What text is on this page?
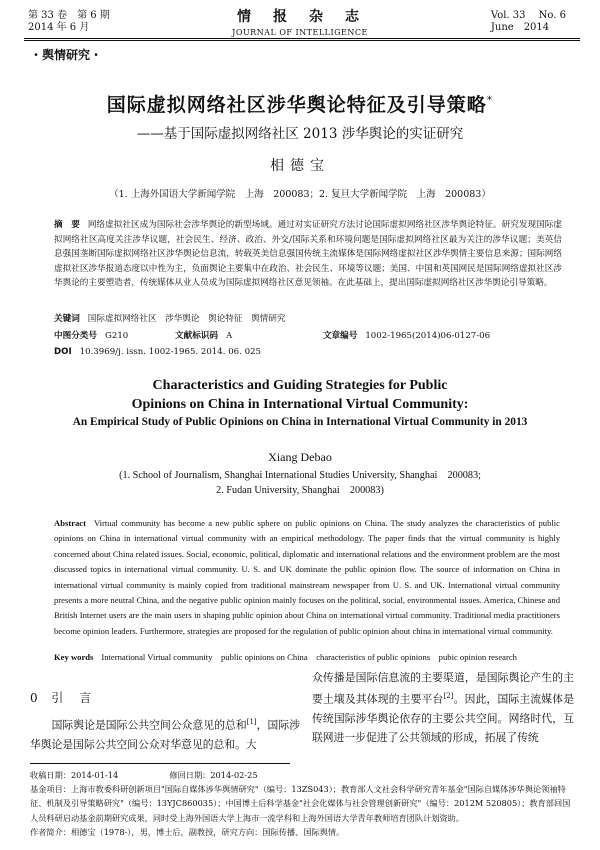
第 33 卷　第 6 期
2014 年 6 月
情　报　杂　志
JOURNAL OF INTELLIGENCE
Vol. 33　 No. 6
June　2014
・舆情研究・
国际虚拟网络社区涉华舆论特征及引导策略*
——基于国际虚拟网络社区 2013 涉华舆论的实证研究
相德宝
（1. 上海外国语大学新闻学院　上海　200083；2. 复旦大学新闻学院　上海　200083）
摘　要 网络虚拟社区成为国际社会涉华舆论的新型场域。通过对实证研究方法讨论国际虚拟网络社区涉华舆论特征。研究发现国际虚拟网络社区高度关注涉华议题，社会民生、经济、政治、外交/国际关系和环境问题是国际虚拟网络社区最为关注的涉华议题；美英信息强国垄断国际虚拟网络社区涉华舆论信息流，转载英美信息强国传统主流媒体是国际网络虚拟社区涉华舆情主要信息来源；国际网络虚拟社区涉华报道态度以中性为主，负面舆论主要集中在政治、社会民生、环境等议题；美国、中国和英国网民是国际网络虚拟社区涉华舆论的主要塑造者，传统媒体从业人员成为国际虚拟网络社区意见领袖。在此基础上，提出国际虚拟网络社区涉华舆论引导策略。
关键词 国际虚拟网络社区　涉华舆论　舆论特征　舆情研究
中图分类号 G210	文献标识码 A	文章编号 1002-1965(2014)06-0127-06
DOI 10.3969/j. issn. 1002-1965. 2014. 06. 025
Characteristics and Guiding Strategies for Public Opinions on China in International Virtual Community:
An Empirical Study of Public Opinions on China in International Virtual Community in 2013
Xiang Debao
(1. School of Journalism, Shanghai International Studies University, Shanghai　200083;
2. Fudan University, Shanghai　200083)
Abstract Virtual community has become a new public sphere on public opinions on China. The study analyzes the characteristics of public opinions on China in international virtual community with an empirical methodology. The paper finds that the virtual community is highly concerned about China related issues. Social, economic, political, diplomatic and international relations and the environment problem are the most discussed topics in international virtual community. U. S. and UK dominate the public opinion flow. The source of information on China in international virtual community is mainly copied from traditional mainstream newspaper from U. S. and UK. International virtual community presents a more neutral China, and the negative public opinion mainly focuses on the political, social, environmental issues. America, Chinese and British Internet users are the main users in shaping public opinion about China on international virtual community. Traditional media practitioners become opinion leaders. Furthermore, strategies are proposed for the regulation of public opinion about china in international virtual community.
Key words International Virtual community　public opinions on China　characteristics of public opinions　pubic opinion research
0 引　言
国际舆论是国际公共空间公众意见的总和[1]，国际涉华舆论是国际公共空间公众对华意见的总和。大
众传播是国际信息流的主要渠道，是国际舆论产生的主要土壤及其体现的主要平台[2]。因此，国际主流媒体是传统国际涉华舆论依存的主要公共空间。网络时代，互联网进一步促进了公共领域的形成，拓展了传统
收稿日期：2014-01-14	修回日期：2014-02-25
基金项目：上海市教委科研创新项目"国际自媒体涉华舆情研究"（编号：13ZS043）；教育部人文社会科学研究青年基金"国际自媒体涉华舆论领袖特征、机制及引导策略研究"（编号：13YJC860035）；中国博士后科学基金"社会化媒体与社会管理创新研究"（编号：2012M 520805）；教育部回国人员科研启动基金前期研究成果，同时受上海外国语大学上海市一流学科和上海外国语大学青年教师培育团队计划资助。
作者简介：相德宝（1978-），男，博士后，副教授，研究方向：国际传播、国际舆情。
